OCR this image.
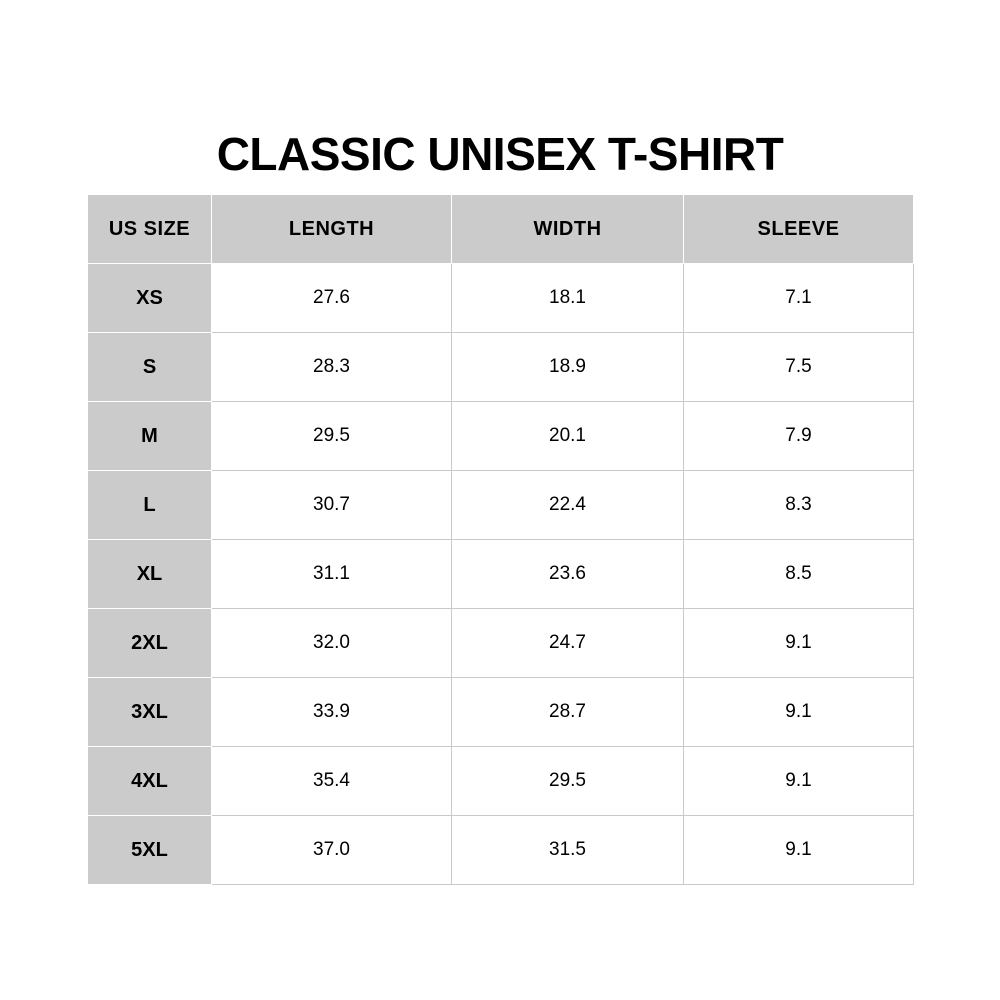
CLASSIC UNISEX T-SHIRT
US SIZE	LENGTH	WIDTH	SLEEVE
XS	27.6	18.1	7.1
S	28.3	18.9	7.5
M	29.5	20.1	7.9
L	30.7	22.4	8.3
XL	31.1	23.6	8.5
2XL	32.0	24.7	9.1
3XL	33.9	28.7	9.1
4XL	35.4	29.5	9.1
5XL	37.0	31.5	9.1
